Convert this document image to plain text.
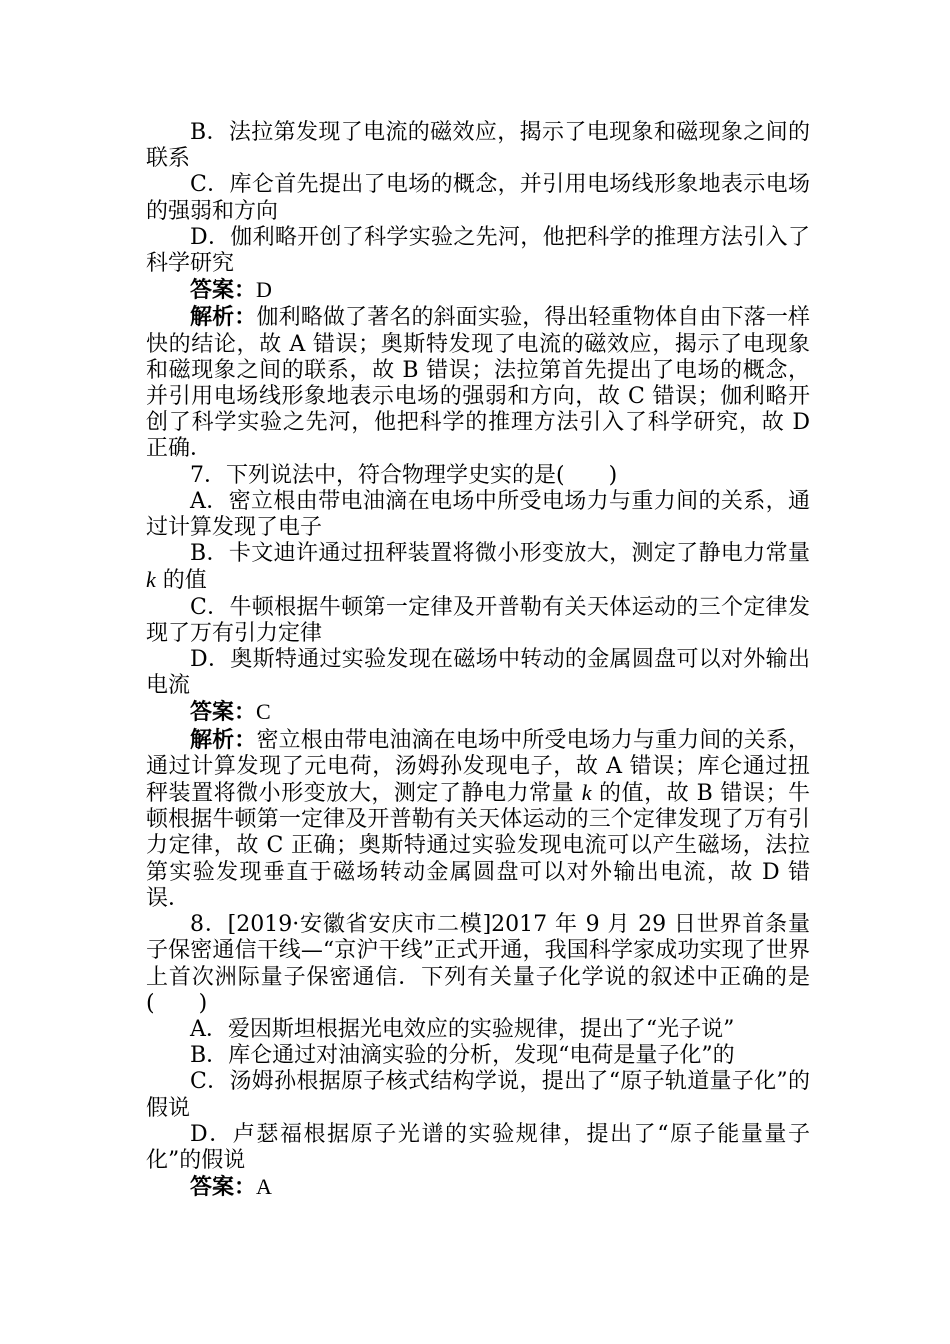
B．法拉第发现了电流的磁效应，揭示了电现象和磁现象之间的联系

C．库仑首先提出了电场的概念，并引用电场线形象地表示电场的强弱和方向

D．伽利略开创了科学实验之先河，他把科学的推理方法引入了科学研究

答案：D

解析：伽利略做了著名的斜面实验，得出轻重物体自由下落一样快的结论，故 A 错误；奥斯特发现了电流的磁效应，揭示了电现象和磁现象之间的联系，故 B 错误；法拉第首先提出了电场的概念，并引用电场线形象地表示电场的强弱和方向，故 C 错误；伽利略开创了科学实验之先河，他把科学的推理方法引入了科学研究，故 D 正确．

7．下列说法中，符合物理学史实的是(　　)

A．密立根由带电油滴在电场中所受电场力与重力间的关系，通过计算发现了电子

B．卡文迪许通过扭秤装置将微小形变放大，测定了静电力常量 k 的值

C．牛顿根据牛顿第一定律及开普勒有关天体运动的三个定律发现了万有引力定律

D．奥斯特通过实验发现在磁场中转动的金属圆盘可以对外输出电流

答案：C

解析：密立根由带电油滴在电场中所受电场力与重力间的关系，通过计算发现了元电荷，汤姆孙发现电子，故 A 错误；库仑通过扭秤装置将微小形变放大，测定了静电力常量 k 的值，故 B 错误；牛顿根据牛顿第一定律及开普勒有关天体运动的三个定律发现了万有引力定律，故 C 正确；奥斯特通过实验发现电流可以产生磁场，法拉第实验发现垂直于磁场转动金属圆盘可以对外输出电流，故 D 错误．

8．[2019·安徽省安庆市二模]2017 年 9 月 29 日世界首条量子保密通信干线—“京沪干线”正式开通，我国科学家成功实现了世界上首次洲际量子保密通信．下列有关量子化学说的叙述中正确的是(　　)

A．爱因斯坦根据光电效应的实验规律，提出了“光子说”

B．库仑通过对油滴实验的分析，发现“电荷是量子化”的

C．汤姆孙根据原子核式结构学说，提出了“原子轨道量子化”的假说

D．卢瑟福根据原子光谱的实验规律，提出了“原子能量量子化”的假说

答案：A
